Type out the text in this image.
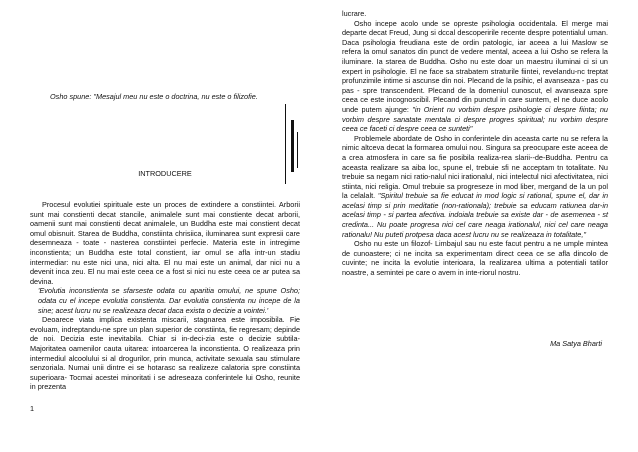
Osho spune: "Mesajul meu nu este o doctrina, nu este o filizofie.
INTRODUCERE

Procesul evolutiei spirituale este un proces de extindere a constiintei. Arborii sunt mai constienti decat stancile, animalele sunt mai constiente decat arborii, oamenii sunt mai constienti decat animalele, un Buddha este mai constient decat omul obisnuit. Starea de Buddha, constiinta chrisiica, iluminarea sunt expresii care desemneaza - toate - nasterea constiintei perfecie. Materia este in intregime inconstienta; un Buddha este total constient, iar omul se afla intr-un stadiu intermediar: nu este nici una, nici alta. El nu mai este un animal, dar nici nu a devenit inca zeu. El nu mai este ceea ce a fost si nici nu este ceea ce ar putea sa devina.

'Evolutia inconstienta se sfarseste odata cu aparitia omului, ne spune Osho; odata cu el incepe evolutia constienta. Dar evolutia constienta nu incepe de la sine; acest lucru nu se realizeaza decat daca exista o decizie a vointei.'

Deoarece viata implica existenta miscarii, stagnarea este imposibila. Fie evoluam, indreptandu-ne spre un plan superior de constiinta, fie regresam; depinde de noi. Decizia este inevitabila. Chiar si in-deci-zia este o decizie subtila- Majoritatea oamenilor cauta uitarea: intoarcerea la inconstienta. O realizeaza prin intermediul alcoolului si al drogurilor, prin munca, activitate sexuala sau stimulare senzoriala. Numai unii dintre ei se hotarasc sa realizeze calatoria spre constiinta superioara- Tocmai acestei minoritati i se adreseaza conferintele lui Osho, reunite in prezenta

1

lucrare.

Osho incepe acolo unde se opreste psihologia occidentala. El merge mai departe decat Freud, Jung si dccal descoperirile recente despre potentialul uman. Daca psihologia freudiana este de ordin patologic, iar aceea a lui Maslow se refera la omul sanatos din punct de vedere mental, aceea a lui Osho se refera la iluminare. Ia starea de Buddha. Osho nu este doar un maestru iluminai ci si un expert in psihologie. El ne face sa strabatem straturile fiintei, revelandu-nc treptat profunzimile intime si ascunse din noi. Plecand de la psihic, el avanseaza - pas cu pas - spre transcendent. Plecand de la domeniul cunoscut, el avanseaza spre ceea ce este incognoscibil. Plecand din punctul in care suntem, el ne duce acolo unde putem ajunge: "in Orient nu vorbim despre psihologie ci despre fiinta; nu vorbim despre sanatate mentala ci despre progres spiritual; nu vorbim despre ceea ce faceti ci despre ceea ce sunteti"

Problemele abordate de Osho in conferintele din aceasta carte nu se refera la nimic altceva decat la formarea omului nou. Singura sa preocupare este aceea de a crea atmosfera in care sa fie posibila realiza-rea slarii--de-Buddha. Pentru ca aceasta realizare sa aiba loc, spune el, trebuie sfi ne acceptam tn totalitate. Nu trebuie sa negam nici ratio-nalul nici irationalul, nici intelectul nici afectivitatea, nici stiinta, nici religia. Omul trebuie sa progreseze in mod liber, mergand de la un pol la celalalt. "Spiritul trebuie sa fie educat in mod logic si rational, spune el, dar in acelasi timp si prin meditatie (non-rationala); trebuie sa educam ratiunea dar-in acelasi timp - si partea afectiva. indoiala trebuie sa existe dar - de asemenea - st credinta... Nu poate progresa nici cel care neaga irationalul, nici cel care neaga rationalu! Nu puteti protpesa daca acest lucru nu se realizeaza in totalitate,"

Osho nu este un filozof- Limbajul sau nu este facut pentru a ne umple mintea de cunoastere; ci ne incita sa experimentam direct ceea ce se afla dincolo de cuvinte; ne incita la evolutie interioara, la realizarea ultima a potentiali tatilor noastre, a semintei pe care o avem in inte-riorul nostru.

Ma Satya Bharti
